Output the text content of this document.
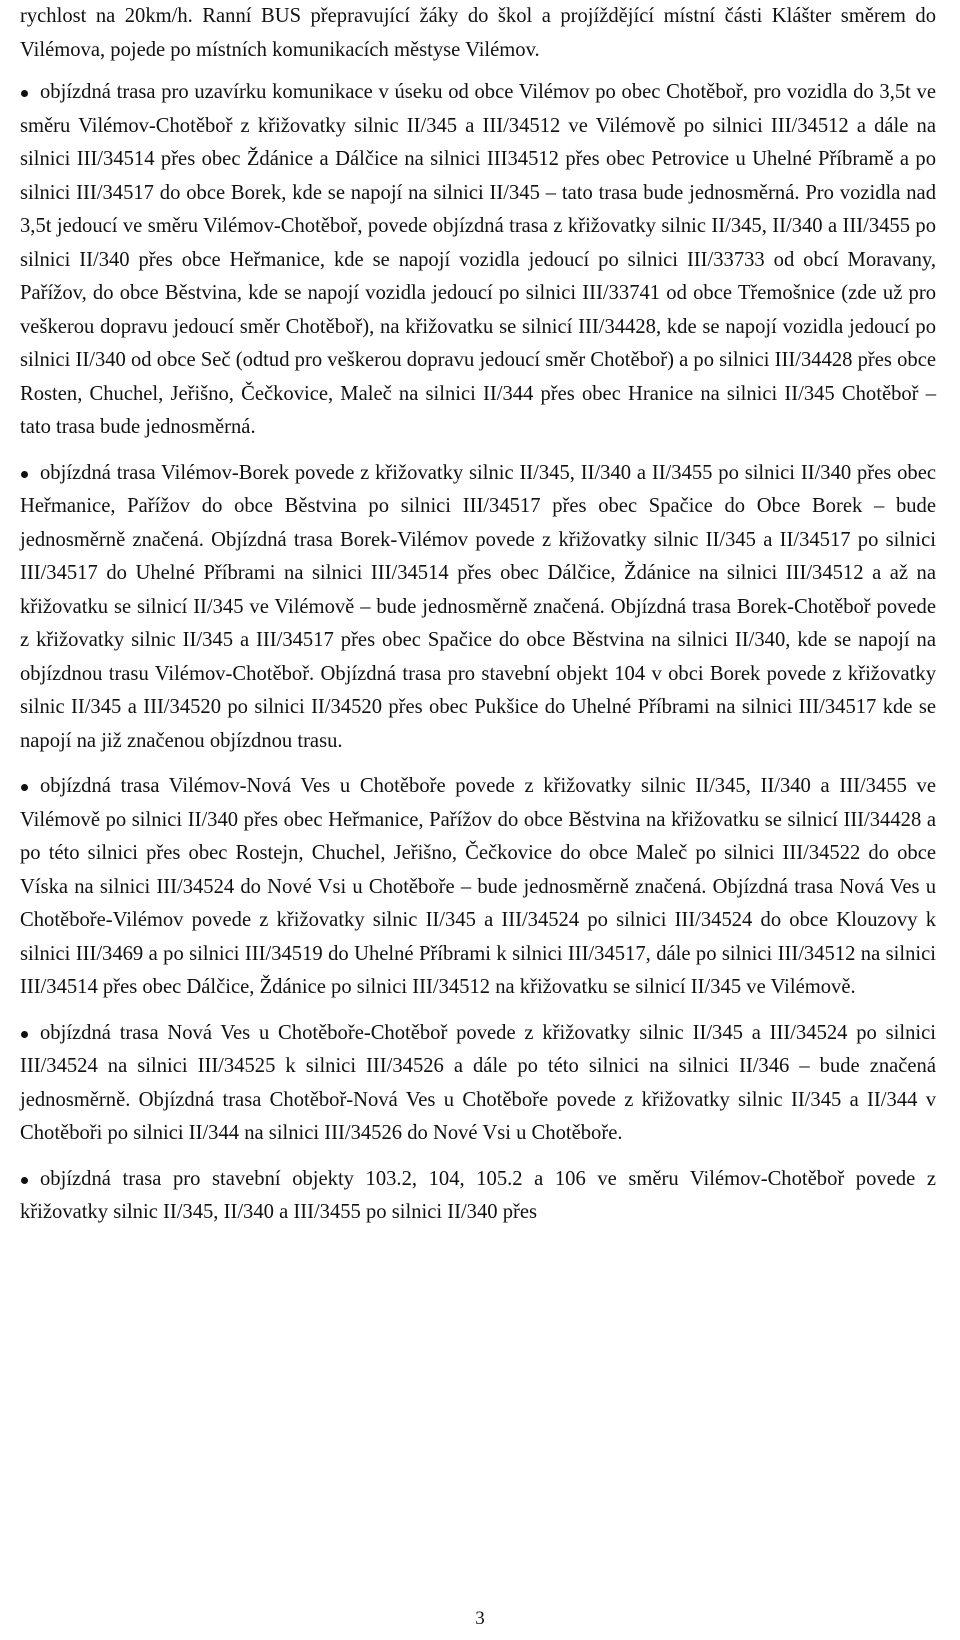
rychlost na 20km/h. Ranní BUS přepravující žáky do škol a projíždějící místní části Klášter směrem do Vilémova, pojede po místních komunikacích městyse Vilémov.

objízdná trasa pro uzavírku komunikace v úseku od obce Vilémov po obec Chotěboř, pro vozidla do 3,5t ve směru Vilémov-Chotěboř z křižovatky silnic II/345 a III/34512 ve Vilémově po silnici III/34512 a dále na silnici III/34514 přes obec Ždánice a Dálčice na silnici III34512 přes obec Petrovice u Uhelné Příbramě a po silnici III/34517 do obce Borek, kde se napojí na silnici II/345 – tato trasa bude jednosměrná. Pro vozidla nad 3,5t jedoucí ve směru Vilémov-Chotěboř, povede objízdná trasa z křižovatky silnic II/345, II/340 a III/3455 po silnici II/340 přes obce Heřmanice, kde se napojí vozidla jedoucí po silnici III/33733 od obcí Moravany, Pařížov, do obce Běstvina, kde se napojí vozidla jedoucí po silnici III/33741 od obce Třemošnice (zde už pro veškerou dopravu jedoucí směr Chotěboř), na křižovatku se silnicí III/34428, kde se napojí vozidla jedoucí po silnici II/340 od obce Seč (odtud pro veškerou dopravu jedoucí směr Chotěboř) a po silnici III/34428 přes obce Rosten, Chuchel, Jeřišno, Čečkovice, Maleč na silnici II/344 přes obec Hranice na silnici II/345 Chotěboř – tato trasa bude jednosměrná.

objízdná trasa Vilémov-Borek povede z křižovatky silnic II/345, II/340 a II/3455 po silnici II/340 přes obec Heřmanice, Pařížov do obce Běstvina po silnici III/34517 přes obec Spačice do Obce Borek – bude jednosměrně značená. Objízdná trasa Borek-Vilémov povede z křižovatky silnic II/345 a II/34517 po silnici III/34517 do Uhelné Příbrami na silnici III/34514 přes obec Dálčice, Ždánice na silnici III/34512 a až na křižovatku se silnicí II/345 ve Vilémově – bude jednosměrně značená. Objízdná trasa Borek-Chotěboř povede z křižovatky silnic II/345 a III/34517 přes obec Spačice do obce Běstvina na silnici II/340, kde se napojí na objízdnou trasu Vilémov-Chotěboř. Objízdná trasa pro stavební objekt 104 v obci Borek povede z křižovatky silnic II/345 a III/34520 po silnici II/34520 přes obec Pukšice do Uhelné Příbrami na silnici III/34517 kde se napojí na již značenou objízdnou trasu.

objízdná trasa Vilémov-Nová Ves u Chotěboře povede z křižovatky silnic II/345, II/340 a III/3455 ve Vilémově po silnici II/340 přes obec Heřmanice, Pařížov do obce Běstvina na křižovatku se silnicí III/34428 a po této silnici přes obec Rostejn, Chuchel, Jeřišno, Čečkovice do obce Maleč po silnici III/34522 do obce Víska na silnici III/34524 do Nové Vsi u Chotěboře – bude jednosměrně značená. Objízdná trasa Nová Ves u Chotěboře-Vilémov povede z křižovatky silnic II/345 a III/34524 po silnici III/34524 do obce Klouzovy k silnici III/3469 a po silnici III/34519 do Uhelné Příbrami k silnici III/34517, dále po silnici III/34512 na silnici III/34514 přes obec Dálčice, Ždánice po silnici III/34512 na křižovatku se silnicí II/345 ve Vilémově.

objízdná trasa Nová Ves u Chotěboře-Chotěboř povede z křižovatky silnic II/345 a III/34524 po silnici III/34524 na silnici III/34525 k silnici III/34526 a dále po této silnici na silnici II/346 – bude značená jednosměrně. Objízdná trasa Chotěboř-Nová Ves u Chotěboře povede z křižovatky silnic II/345 a II/344 v Chotěboři po silnici II/344 na silnici III/34526 do Nové Vsi u Chotěboře.

objízdná trasa pro stavební objekty 103.2, 104, 105.2 a 106 ve směru Vilémov-Chotěboř povede z křižovatky silnic II/345, II/340 a III/3455 po silnici II/340 přes

3
